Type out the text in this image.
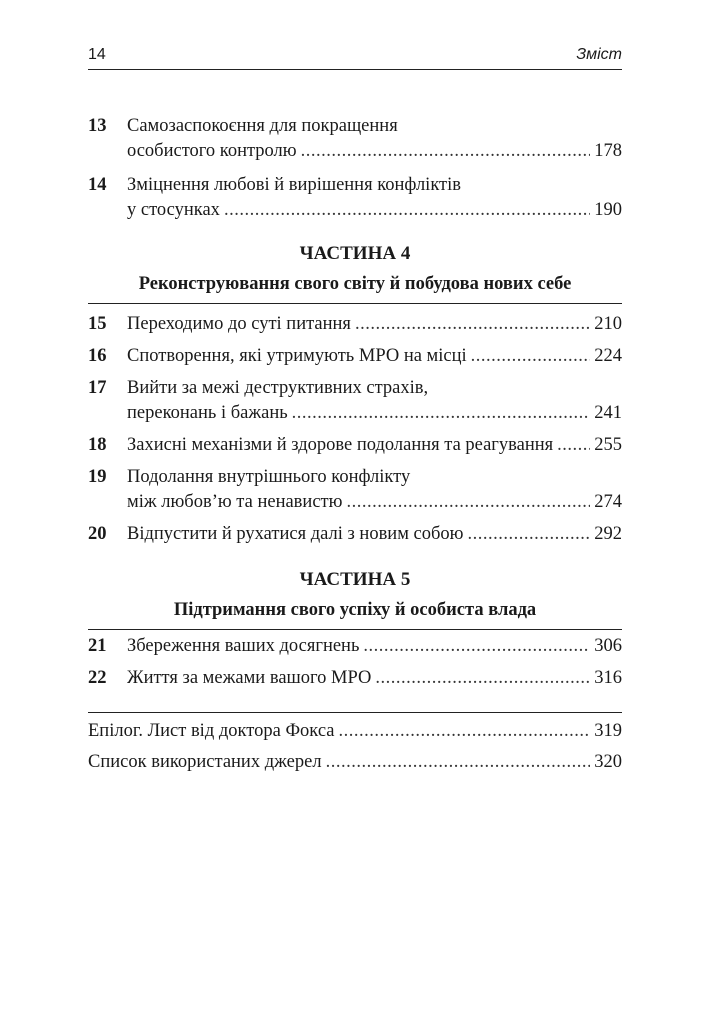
14	Зміст
13	Самозаспокоєння для покращення
особистого контролю .....	178
14	Зміцнення любові й вирішення конфліктів
у стосунках .....	190
ЧАСТИНА 4
Реконструювання свого світу й побудова нових себе
15	Переходимо до суті питання .....	210
16	Спотворення, які утримують МРО на місці .....	224
17	Вийти за межі деструктивних страхів,
переконань і бажань .....	241
18	Захисні механізми й здорове подолання та реагування ..... 255
19	Подолання внутрішнього конфлікту
між любов’ю та ненавистю .....	274
20	Відпустити й рухатися далі з новим собою .....	292
ЧАСТИНА 5
Підтримання свого успіху й особиста влада
21	Збереження ваших досягнень .....	306
22	Життя за межами вашого МРО .....	316
Епілог. Лист від доктора Фокса .....	319
Список використаних джерел .....	320
